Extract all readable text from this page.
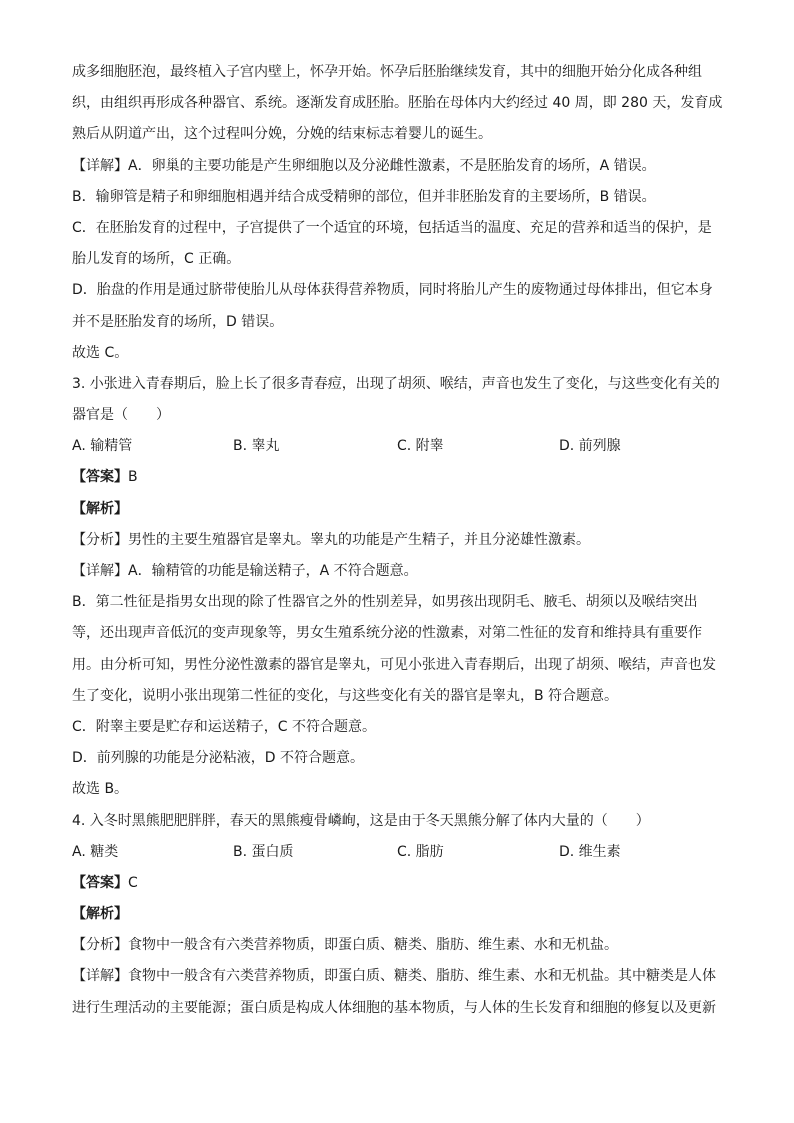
成多细胞胚泡，最终植入子宫内壁上，怀孕开始。怀孕后胚胎继续发育，其中的细胞开始分化成各种组
织，由组织再形成各种器官、系统。逐渐发育成胚胎。胚胎在母体内大约经过 40 周，即 280 天，发育成
熟后从阴道产出，这个过程叫分娩，分娩的结束标志着婴儿的诞生。
【详解】A．卵巢的主要功能是产生卵细胞以及分泌雌性激素，不是胚胎发育的场所，A 错误。
B．输卵管是精子和卵细胞相遇并结合成受精卵的部位，但并非胚胎发育的主要场所，B 错误。
C．在胚胎发育的过程中，子宫提供了一个适宜的环境，包括适当的温度、充足的营养和适当的保护，是
胎儿发育的场所，C 正确。
D．胎盘的作用是通过脐带使胎儿从母体获得营养物质，同时将胎儿产生的废物通过母体排出，但它本身
并不是胚胎发育的场所，D 错误。
故选 C。
3. 小张进入青春期后，脸上长了很多青春痘，出现了胡须、喉结，声音也发生了变化，与这些变化有关的
器官是（　　）
A. 输精管	B. 睾丸	C. 附睾	D. 前列腺
【答案】B
【解析】
【分析】男性的主要生殖器官是睾丸。睾丸的功能是产生精子，并且分泌雄性激素。
【详解】A．输精管的功能是输送精子，A 不符合题意。
B．第二性征是指男女出现的除了性器官之外的性别差异，如男孩出现阴毛、腋毛、胡须以及喉结突出
等，还出现声音低沉的变声现象等，男女生殖系统分泌的性激素，对第二性征的发育和维持具有重要作
用。由分析可知，男性分泌性激素的器官是睾丸，可见小张进入青春期后，出现了胡须、喉结，声音也发
生了变化，说明小张出现第二性征的变化，与这些变化有关的器官是睾丸，B 符合题意。
C．附睾主要是贮存和运送精子，C 不符合题意。
D．前列腺的功能是分泌粘液，D 不符合题意。
故选 B。
4. 入冬时黑熊肥肥胖胖，春天的黑熊瘦骨嶙峋，这是由于冬天黑熊分解了体内大量的（　　）
A. 糖类	B. 蛋白质	C. 脂肪	D. 维生素
【答案】C
【解析】
【分析】食物中一般含有六类营养物质，即蛋白质、糖类、脂肪、维生素、水和无机盐。
【详解】食物中一般含有六类营养物质，即蛋白质、糖类、脂肪、维生素、水和无机盐。其中糖类是人体
进行生理活动的主要能源；蛋白质是构成人体细胞的基本物质，与人体的生长发育和细胞的修复以及更新
